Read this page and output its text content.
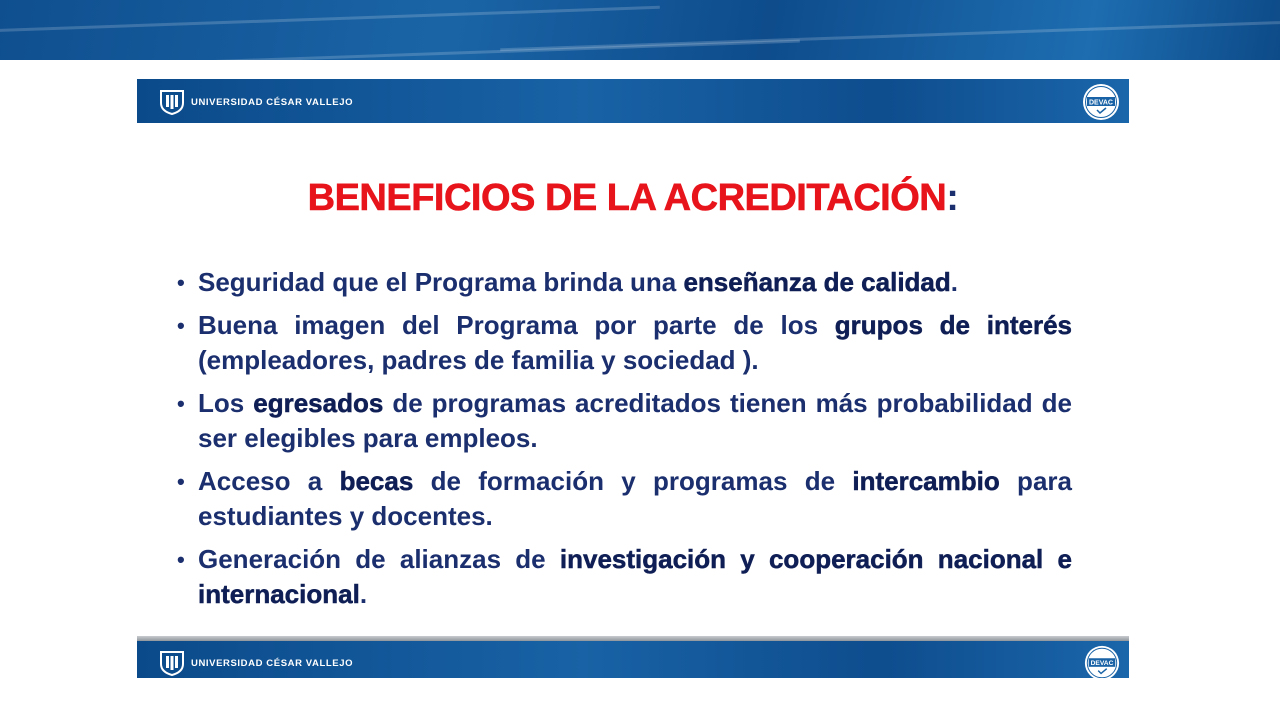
UNIVERSIDAD CÉSAR VALLEJO	DEVAC
BENEFICIOS DE LA ACREDITACIÓN:
• Seguridad que el Programa brinda una enseñanza de calidad.
• Buena imagen del Programa por parte de los grupos de interés (empleadores, padres de familia y sociedad ).
• Los egresados de programas acreditados tienen más probabilidad de ser elegibles para empleos.
• Acceso a becas de formación y programas de intercambio para estudiantes y docentes.
• Generación de alianzas de investigación y cooperación nacional e internacional.
UNIVERSIDAD CÉSAR VALLEJO	DEVAC
